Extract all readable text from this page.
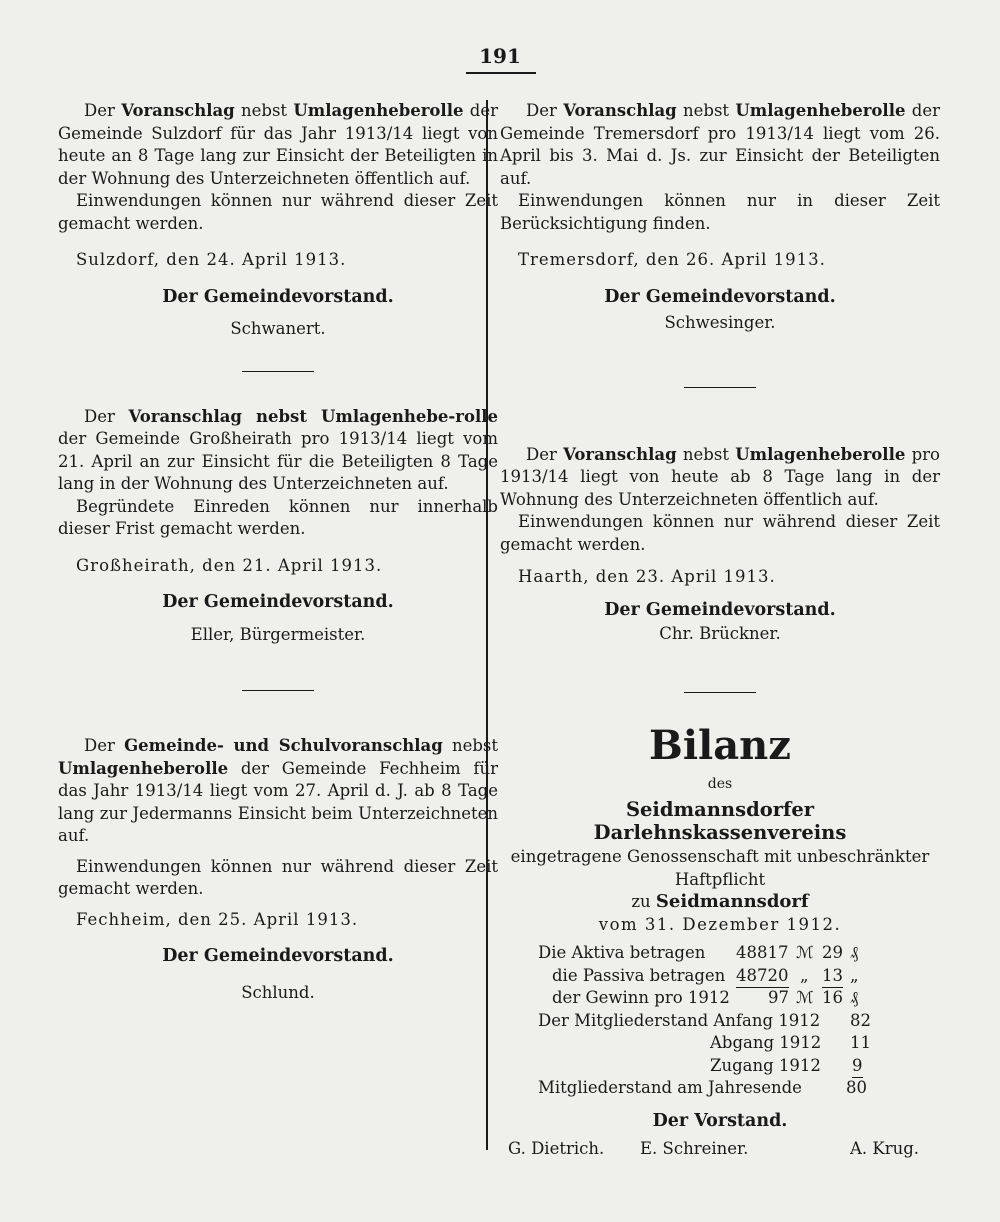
191

Der Voranschlag nebst Umlagenheberolle der Gemeinde Sulzdorf für das Jahr 1913/14 liegt von heute an 8 Tage lang zur Einsicht der Beteiligten in der Wohnung des Unterzeichneten öffentlich auf.

Einwendungen können nur während dieser Zeit gemacht werden.

Sulzdorf, den 24. April 1913.

Der Gemeindevorstand.

Schwanert.

Der Voranschlag nebst Umlagenhebe-rolle der Gemeinde Großheirath pro 1913/14 liegt vom 21. April an zur Einsicht für die Beteiligten 8 Tage lang in der Wohnung des Unterzeichneten auf.

Begründete Einreden können nur innerhalb dieser Frist gemacht werden.

Großheirath, den 21. April 1913.

Der Gemeindevorstand.

Eller, Bürgermeister.

Der Gemeinde- und Schulvoranschlag nebst Umlagenheberolle der Gemeinde Fechheim für das Jahr 1913/14 liegt vom 27. April d. J. ab 8 Tage lang zur Jedermanns Einsicht beim Unterzeichneten auf.

Einwendungen können nur während dieser Zeit gemacht werden.

Fechheim, den 25. April 1913.

Der Gemeindevorstand.

Schlund.

Der Voranschlag nebst Umlagenheberolle der Gemeinde Tremersdorf pro 1913/14 liegt vom 26. April bis 3. Mai d. Js. zur Einsicht der Beteiligten auf.

Einwendungen können nur in dieser Zeit Berücksichtigung finden.

Tremersdorf, den 26. April 1913.

Der Gemeindevorstand.

Schwesinger.

Der Voranschlag nebst Umlagenheberolle pro 1913/14 liegt von heute ab 8 Tage lang in der Wohnung des Unterzeichneten öffentlich auf.

Einwendungen können nur während dieser Zeit gemacht werden.

Haarth, den 23. April 1913.

Der Gemeindevorstand.

Chr. Brückner.

Bilanz
des
Seidmannsdorfer Darlehnskassenvereins
eingetragene Genossenschaft mit unbeschränkter
Haftpflicht
zu Seidmannsdorf
vom 31. Dezember 1912.
Die Aktiva betragen 48817 ℳ 29 ₰
die Passiva betragen 48720 „ 13 „
der Gewinn pro 1912 97 ℳ 16 ₰
Der Mitgliederstand Anfang 1912 82
Abgang 1912 11
Zugang 1912 9
Mitgliederstand am Jahresende	80
Der Vorstand.
G. Dietrich. E. Schreiner.	A. Krug.
